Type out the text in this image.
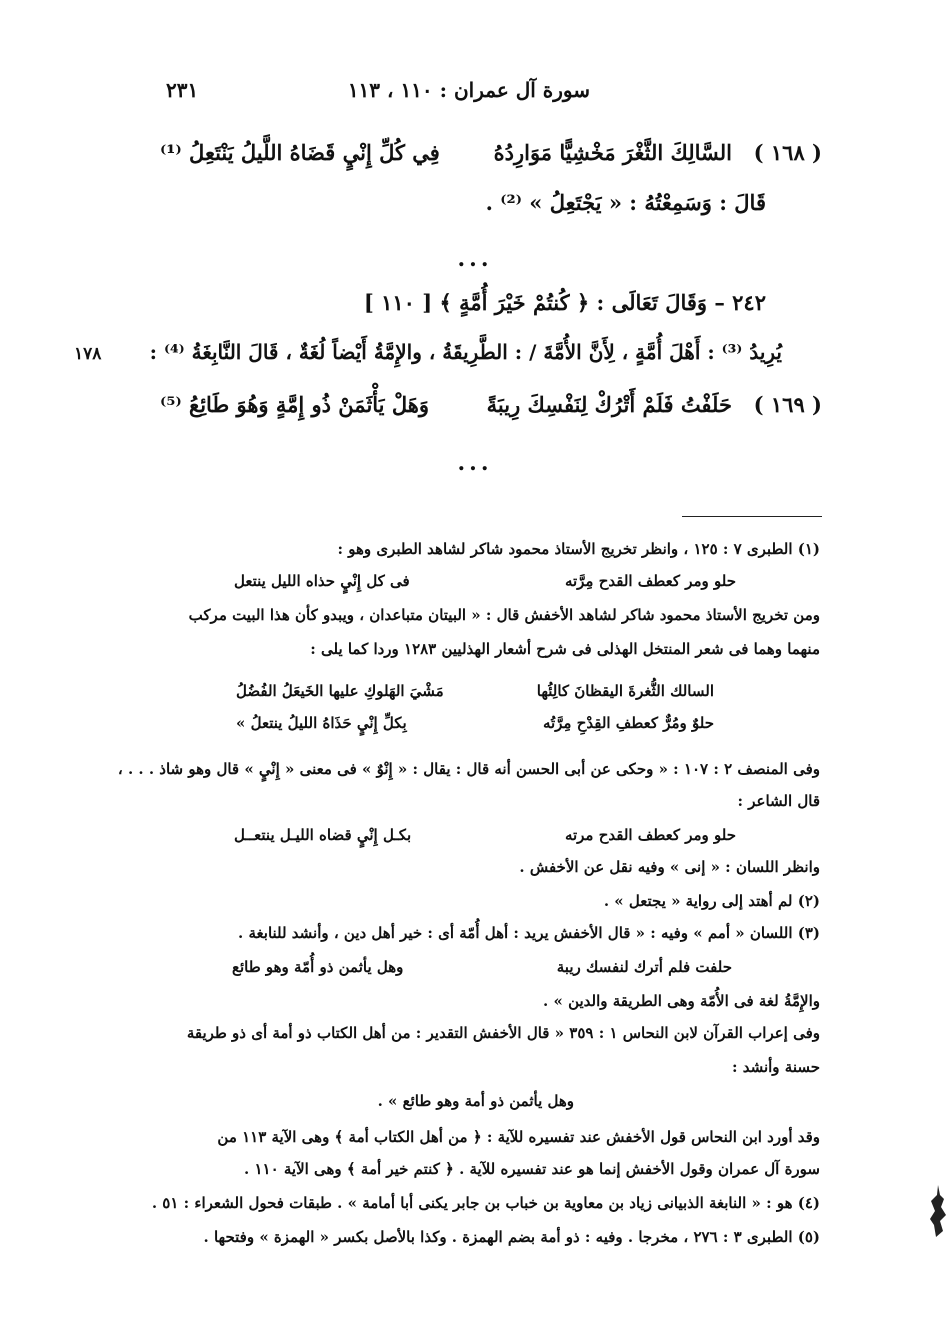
٢٣١	سورة آل عمران : ١١٠ ، ١١٣
( ١٦٨ )
السَّالِكَ الثَّغْرَ مَخْشِيًّا مَوَارِدُهُ
فِي كُلِّ إِنْيٍ قَضَاهُ اللَّيلُ يَنْتَعِلُ ⁽¹⁾
قَالَ : وَسَمِعْتُهُ : « يَجْتَعِلُ » ⁽²⁾ .
...
٢٤٢ – وَقَالَ تَعَالَى : ﴿ كُنتُمْ خَيْرَ أُمَّةٍ ﴾ [ ١١٠ ]
يُرِيدُ ⁽³⁾ : أَهْلَ أُمَّةٍ ، لِأَنَّ الأُمَّةَ / : الطَّرِيقَةُ ، والإِمَّةُ أَيْضاً لُغَةٌ ، قَالَ النَّابِغَةُ ⁽⁴⁾ :
١٧٨
( ١٦٩ )
حَلَفْتُ فَلَمْ أَتْرُكْ لِنَفْسِكَ رِيبَةً
وَهَلْ يَأْثَمَنْ ذُو إِمَّةٍ وَهُوَ طَائِعُ ⁽⁵⁾
...
(١) الطبرى ٧ : ١٢٥ ، وانظر تخريج الأستاذ محمود شاكر لشاهد الطبرى وهو :
حلو ومر كعطف القدح مِرَّته
فى كل إِنْيٍ حذاه الليل ينتعل
ومن تخريج الأستاذ محمود شاكر لشاهد الأخفش قال : « البيتان متباعدان ، ويبدو كأن هذا البيت مركب
منهما وهما فى شعر المنتخل الهذلى فى شرح أشعار الهذليين ١٢٨٣ وردا كما يلى :
السالك الثُّغرةَ اليقظانَ كالِئُها
مَشْيَ الهَلوكِ عليها الخَيعَلُ الفُضُلُ
حلوٌ ومُرٌّ كعطفِ القِدْحِ مِرَّتُه
بِكلِّ إِنْيٍ حَذَاهُ الليلُ ينتعلُ »
وفى المنصف ٢ : ١٠٧ : « وحكى عن أبى الحسن أنه قال : يقال : « إِنْوٌ » فى معنى « إِنْيٍ » قال وهو شاذ . . . ،
قال الشاعر :
حلو ومر كعطف القدح مرته
بكـل إِنْيٍ قضاه الليـل ينتعــل
وانظر اللسان : « إنى » وفيه نقل عن الأخفش .
(٢) لم أهتد إلى رواية « يجتعل » .
(٣) اللسان « أمم » وفيه : « قال الأخفش يريد : أهل أُمّة أى : خير أهل دين ، وأنشد للنابغة .
حلفت فلم أترك لنفسك ريبة
وهل يأثمن ذو أُمّة وهو طائع
والإِمَّةُ لغة فى الأُمّة وهى الطريقة والدين » .
وفى إعراب القرآن لابن النحاس ١ : ٣٥٩ « قال الأخفش التقدير : من أهل الكتاب ذو أمة أى ذو طريقة
حسنة وأنشد :
وهل يأثمن ذو أمة وهو طائع » .
وقد أورد ابن النحاس قول الأخفش عند تفسيره للآية : ﴿ من أهل الكتاب أمة ﴾ وهى الآية ١١٣ من
سورة آل عمران وقول الأخفش إنما هو عند تفسيره للآية . ﴿ كنتم خير أمة ﴾ وهى الآية ١١٠ .
(٤) هو : « النابغة الذبيانى زياد بن معاوية بن خباب بن جابر يكنى أبا أمامة » . طبقات فحول الشعراء : ٥١ .
(٥) الطبرى ٣ : ٢٧٦ ، مخرجا . وفيه : ذو أمة بضم الهمزة . وكذا بالأصل بكسر « الهمزة » وفتحها .
